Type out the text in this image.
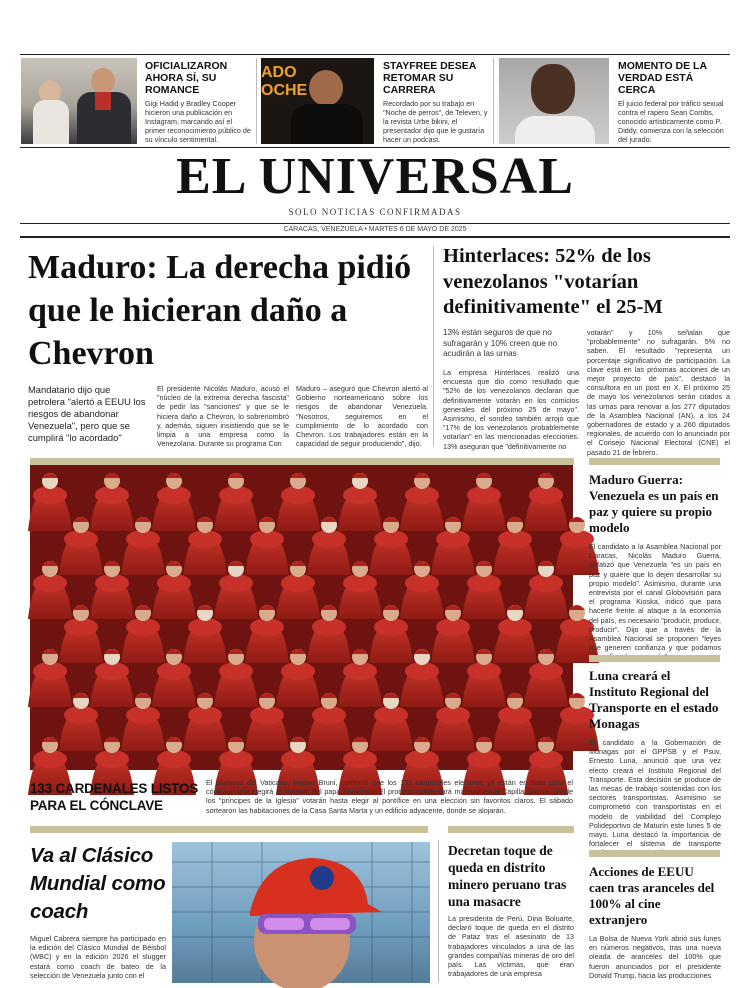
OFICIALIZARON AHORA SÍ, SU ROMANCE
Gigi Hadid y Bradley Cooper hicieron una publicación en Instagram, marcando así el primer reconocimiento público de su vínculo sentimental.
ADO
OCHE
STAYFREE DESEA RETOMAR SU CARRERA
Recordado por su trabajo en "Noche de perros", de Televen, y la revista Urbe bikini, el presentador dijo que le gustaría hacer un podcast.
MOMENTO DE LA VERDAD ESTÁ CERCA
El juicio federal por tráfico sexual contra el rapero Sean Combs, conocido artísticamente como P. Diddy, comienza con la selección del jurado.
EL UNIVERSAL
SOLO NOTICIAS CONFIRMADAS
CARACAS, VENEZUELA • MARTES 6 DE MAYO DE 2025
Maduro: La derecha pidió que le hicieran daño a Chevron
Mandatario dijo que petrolera "alertó a EEUU los riesgos de abandonar Venezuela", pero que se cumplirá "lo acordado"
El presidente Nicolás Maduro, acusó el "núcleo de la extrema derecha fascista" de pedir las "sanciones" y que se le hiciera daño a Chevron, lo sobrenombró y, además, siguen insistiendo que se le limpia a una empresa como la Venezolana. Durante su programa Con
Maduro – aseguró que Chevron alertó al Gobierno norteamericano sobre los riesgos de abandonar Venezuela. "Nosotros, seguiremos en el cumplimiento de lo acordado con Chevron. Los trabajadores están en la capacidad de seguir produciendo", dijo.
Hinterlaces: 52% de los venezolanos "votarían definitivamente" el 25-M
13% están seguros de que no sufragarán y 10% creen que no acudirán a las urnas
La empresa Hinterlaces realizó una encuesta que dio como resultado que "52% de los venezolanos declaran que definitivamente votarán en los comicios generales del próximo 25 de mayo". Asimismo, el sondeo también arrojó que "17% de los venezolanos probablemente votarían" en las mencionadas elecciones. 13% aseguran que "definitivamente no
votarán" y 10% señalan que "probablemente" no sufragarán. 5% no saben. El resultado "representa un porcentaje significativo de participación. La clave está en las próximas acciones de un mejor proyecto de país", destacó la consultora en un post en X. El próximo 25 de mayo los venezolanos serán citados a las urnas para renovar a los 277 diputados de la Asamblea Nacional (AN), a los 24 gobernadores de estado y a 260 diputados regionales, de acuerdo con lo anunciado por el Consejo Nacional Electoral (CNE) el pasado 21 de febrero.
133 CARDENALES LISTOS PARA EL CÓNCLAVE
El portavoz del Vaticano, Matteo Bruni, confirmó que los 133 cardenales electores ya están en Italia para el cónclave que elegirá al sucesor del papa Francisco. El proceso comenzará mañana en la Capilla Sixtina, donde los "príncipes de la Iglesia" votarán hasta elegir al pontífice en una elección sin favoritos claros. El sábado sortearon las habitaciones de la Casa Santa Marta y un edificio adyacente, donde se alojarán.
Maduro Guerra: Venezuela es un país en paz y quiere su propio modelo
El candidato a la Asamblea Nacional por Caracas, Nicolás Maduro Guerra, enfatizó que Venezuela "es un país en paz y quiere que lo dejen desarrollar su propio modelo". Asimismo, durante una entrevista por el canal Globovisión para el programa Kioska, indicó que para hacerle frente al ataque a la economía del país, es necesario "producir, producir, producir". Dijo que a través de la Asamblea Nacional se proponen "leyes que generen confianza y que podamos
Luna creará el Instituto Regional del Transporte en el estado Monagas
El candidato a la Gobernación de Monagas por el GPPSB y el Psuv, Ernesto Luna, anunció que una vez electo creará el Instituto Regional del Transporte. Esta decisión se produce de las mesas de trabajo sostenidas con los sectores transportistas. Asimismo se comprometió con transportistas en el modelo de viabilidad del Complejo Polideportivo de Maturín este lunes 5 de mayo. Luna destacó la importancia de fortalecer el sistema de transporte
Acciones de EEUU caen tras aranceles del 100% al cine extranjero
La Bolsa de Nueva York abrió sus lunes en números negativos, tras una nueva oleada de aranceles del 100% que fueron anunciados por el presidente Donald Trump, hacia las producciones
Va al Clásico Mundial como coach
Miguel Cabrera siempre ha participado en la edición del Clásico Mundial de Béisbol (WBC) y en la edición 2026 el slugger estará como coach de bateo de la selección de Venezuela junto con el
Decretan toque de queda en distrito minero peruano tras una masacre
La presidenta de Perú, Dina Boluarte, declaró toque de queda en el distrito de Pataz tras el asesinato de 13 trabajadores vinculados a una de las grandes compañías mineras de oro del país. Las víctimas, que eran trabajadores de una empresa
